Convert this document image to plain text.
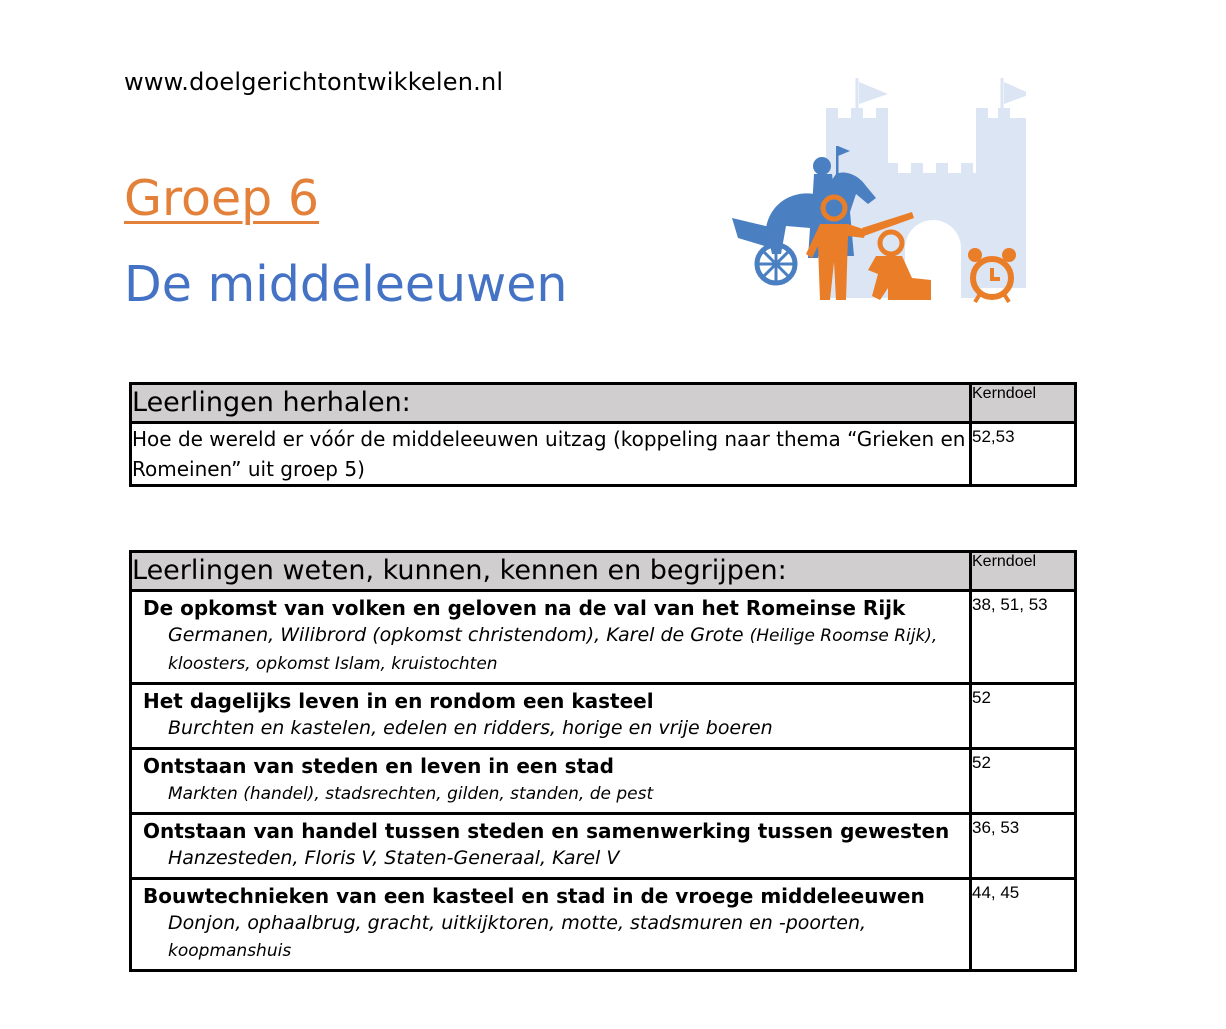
www.doelgerichtontwikkelen.nl
Groep 6
De middeleeuwen
Leerlingen herhalen:	Kerndoel
Hoe de wereld er vóór de middeleeuwen uitzag (koppeling naar thema “Grieken en Romeinen” uit groep 5)	52,53
Leerlingen weten, kunnen, kennen en begrijpen:	Kerndoel

De opkomst van volken en geloven na de val van het Romeinse Rijk
Germanen, Wilibrord (opkomst christendom), Karel de Grote (Heilige Roomse Rijk), kloosters, opkomst Islam, kruistochten	38, 51, 53

Het dagelijks leven in en rondom een kasteel
Burchten en kastelen, edelen en ridders, horige en vrije boeren	52

Ontstaan van steden en leven in een stad
Markten (handel), stadsrechten, gilden, standen, de pest	52

Ontstaan van handel tussen steden en samenwerking tussen gewesten
Hanzesteden, Floris V, Staten-Generaal, Karel V	36, 53

Bouwtechnieken van een kasteel en stad in de vroege middeleeuwen
Donjon, ophaalbrug, gracht, uitkijktoren, motte, stadsmuren en -poorten, koopmanshuis	44, 45
